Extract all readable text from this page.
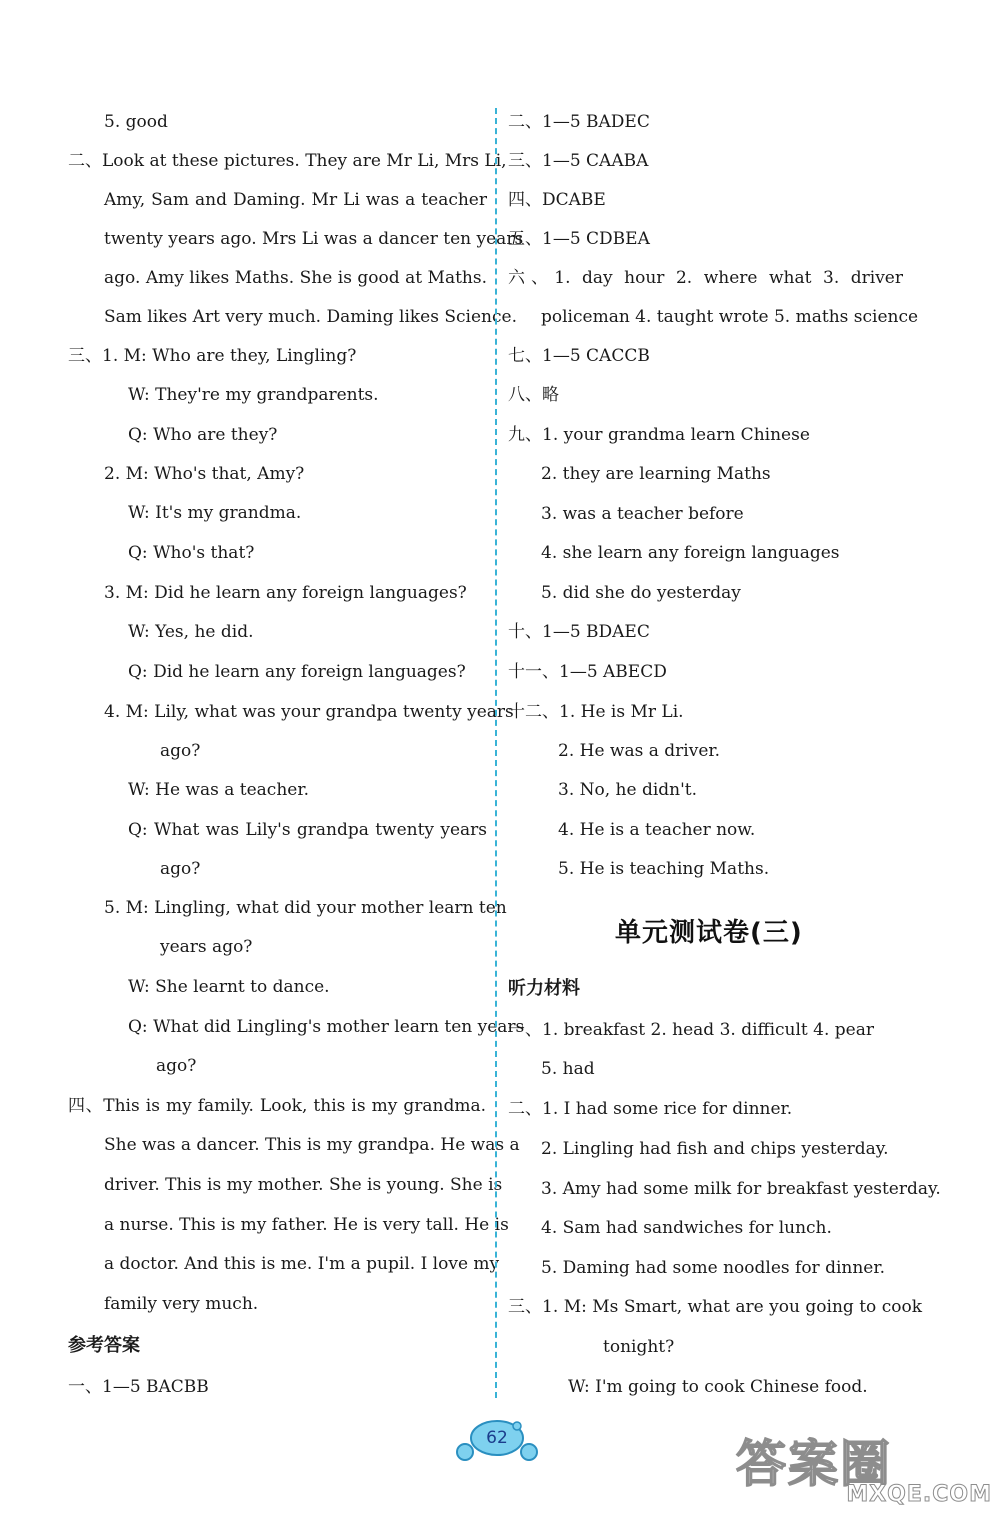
5. good
二、Look at these pictures. They are Mr Li, Mrs Li,
Amy, Sam and Daming. Mr Li was a teacher
twenty years ago. Mrs Li was a dancer ten years
ago. Amy likes Maths. She is good at Maths.
Sam likes Art very much. Daming likes Science.
三、1. M: Who are they, Lingling?
W: They're my grandparents.
Q: Who are they?
2. M: Who's that, Amy?
W: It's my grandma.
Q: Who's that?
3. M: Did he learn any foreign languages?
W: Yes, he did.
Q: Did he learn any foreign languages?
4. M: Lily, what was your grandpa twenty years
ago?
W: He was a teacher.
Q: What was Lily's grandpa twenty years
ago?
5. M: Lingling, what did your mother learn ten
years ago?
W: She learnt to dance.
Q: What did Lingling's mother learn ten years
ago?
四、This is my family. Look, this is my grandma.
She was a dancer. This is my grandpa. He was a
driver. This is my mother. She is young. She is
a nurse. This is my father. He is very tall. He is
a doctor. And this is me. I'm a pupil. I love my
family very much.
参考答案
一、1—5 BACBB
二、1—5 BADEC
三、1—5 CAABA
四、DCABE
五、1—5 CDBEA
六、1. day hour 2. where what 3. driver
policeman 4. taught wrote 5. maths science
七、1—5 CACCB
八、略
九、1. your grandma learn Chinese
2. they are learning Maths
3. was a teacher before
4. she learn any foreign languages
5. did she do yesterday
十、1—5 BDAEC
十一、1—5 ABECD
十二、1. He is Mr Li.
2. He was a driver.
3. No, he didn't.
4. He is a teacher now.
5. He is teaching Maths.
单元测试卷(三)
听力材料
一、1. breakfast 2. head 3. difficult 4. pear
5. had
二、1. I had some rice for dinner.
2. Lingling had fish and chips yesterday.
3. Amy had some milk for breakfast yesterday.
4. Sam had sandwiches for lunch.
5. Daming had some noodles for dinner.
三、1. M: Ms Smart, what are you going to cook
tonight?
W: I'm going to cook Chinese food.
62	答案圈
MXQE.COM
